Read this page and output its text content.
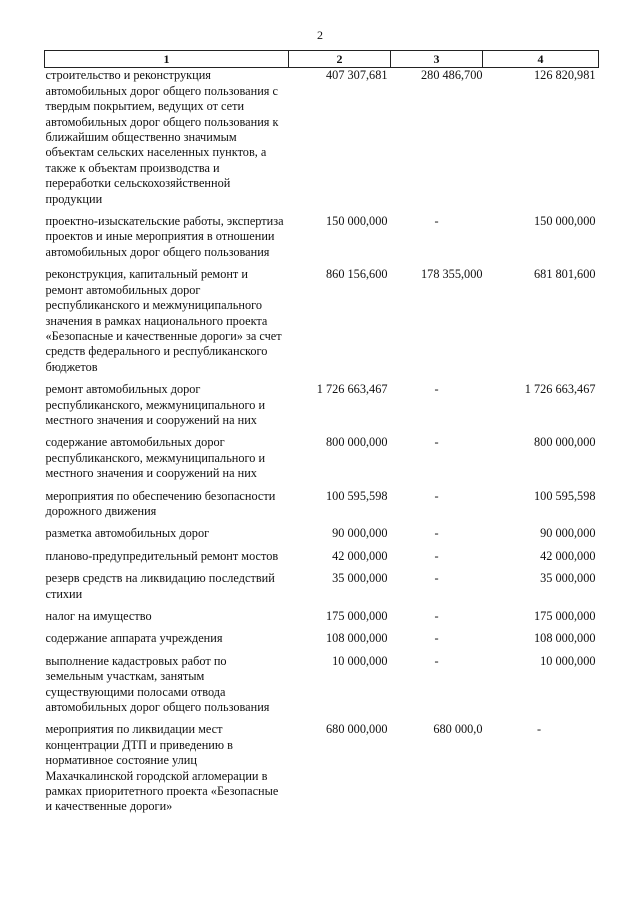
2
1	2	3	4
строительство и реконструкция автомобильных дорог общего пользования с твердым покрытием, ведущих от сети автомобильных дорог общего пользования к ближайшим общественно значимым объектам сельских населенных пунктов, а также к объектам производства и переработки сельскохозяйственной продукции	407 307,681	280 486,700	126 820,981
проектно-изыскательские работы, экспертиза проектов и иные мероприятия в отношении автомобильных дорог общего пользования	150 000,000	-	150 000,000
реконструкция, капитальный ремонт и ремонт автомобильных дорог республиканского и межмуниципального значения в рамках национального проекта «Безопасные и качественные дороги» за счет средств федерального и республиканского бюджетов	860 156,600	178 355,000	681 801,600
ремонт автомобильных дорог республиканского, межмуниципального и местного значения и сооружений на них	1 726 663,467	-	1 726 663,467
содержание автомобильных дорог республиканского, межмуниципального и местного значения и сооружений на них	800 000,000	-	800 000,000
мероприятия по обеспечению безопасности дорожного движения	100 595,598	-	100 595,598
разметка автомобильных дорог	90 000,000	-	90 000,000
планово-предупредительный ремонт мостов	42 000,000	-	42 000,000
резерв средств на ликвидацию последствий стихии	35 000,000	-	35 000,000
налог на имущество	175 000,000	-	175 000,000
содержание аппарата учреждения	108 000,000	-	108 000,000
выполнение кадастровых работ по земельным участкам, занятым существующими полосами отвода автомобильных дорог общего пользования	10 000,000	-	10 000,000
мероприятия по ликвидации мест концентрации ДТП и приведению в нормативное состояние улиц Махачкалинской городской агломерации в рамках приоритетного проекта «Безопасные и качественные дороги»	680 000,000	680 000,0	-
